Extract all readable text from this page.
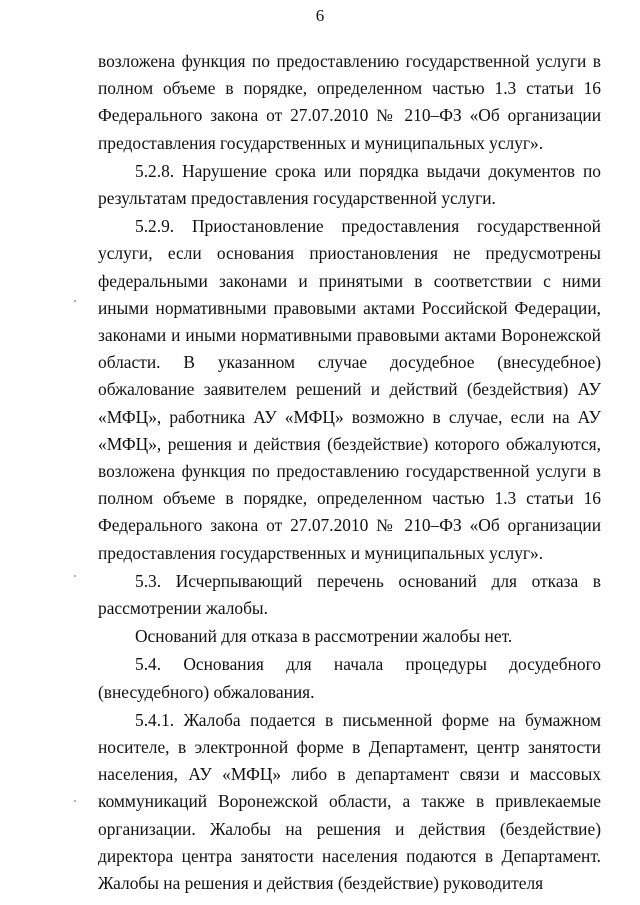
6

возложена функция по предоставлению государственной услуги в полном объеме в порядке, определенном частью 1.3 статьи 16 Федерального закона от 27.07.2010 № 210–ФЗ «Об организации предоставления государственных и муниципальных услуг».

5.2.8. Нарушение срока или порядка выдачи документов по результатам предоставления государственной услуги.

5.2.9. Приостановление предоставления государственной услуги, если основания приостановления не предусмотрены федеральными законами и принятыми в соответствии с ними иными нормативными правовыми актами Российской Федерации, законами и иными нормативными правовыми актами Воронежской области. В указанном случае досудебное (внесудебное) обжалование заявителем решений и действий (бездействия) АУ «МФЦ», работника АУ «МФЦ» возможно в случае, если на АУ «МФЦ», решения и действия (бездействие) которого обжалуются, возложена функция по предоставлению государственной услуги в полном объеме в порядке, определенном частью 1.3 статьи 16 Федерального закона от 27.07.2010 № 210–ФЗ «Об организации предоставления государственных и муниципальных услуг».

5.3. Исчерпывающий перечень оснований для отказа в рассмотрении жалобы.

Оснований для отказа в рассмотрении жалобы нет.

5.4. Основания для начала процедуры досудебного (внесудебного) обжалования.

5.4.1. Жалоба подается в письменной форме на бумажном носителе, в электронной форме в Департамент, центр занятости населения, АУ «МФЦ» либо в департамент связи и массовых коммуникаций Воронежской области, а также в привлекаемые организации. Жалобы на решения и действия (бездействие) директора центра занятости населения подаются в Департамент. Жалобы на решения и действия (бездействие) руководителя
